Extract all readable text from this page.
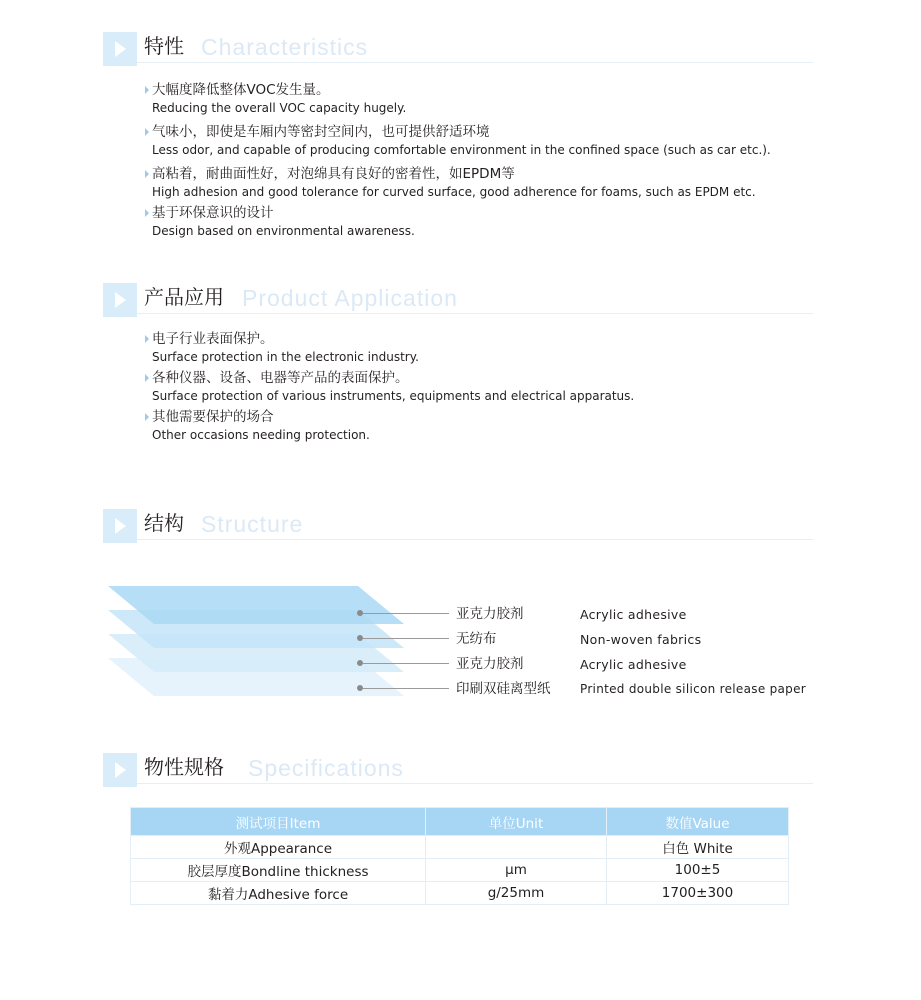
特性 Characteristics
大幅度降低整体VOC发生量。
Reducing the overall VOC capacity hugely.
气味小，即使是车厢内等密封空间内，也可提供舒适环境
Less odor, and capable of producing comfortable environment in the confined space (such as car etc.).
高粘着，耐曲面性好，对泡绵具有良好的密着性，如EPDM等
High adhesion and good tolerance for curved surface, good adherence for foams, such as EPDM etc.
基于环保意识的设计
Design based on environmental awareness.
产品应用 Product Application
电子行业表面保护。
Surface protection in the electronic industry.
各种仪器、设备、电器等产品的表面保护。
Surface protection of various instruments, equipments and electrical apparatus.
其他需要保护的场合
Other occasions needing protection.
结构 Structure
亚克力胶剂	Acrylic adhesive
无纺布	Non-woven fabrics
亚克力胶剂	Acrylic adhesive
印刷双硅离型纸 Printed double silicon release paper
物性规格 Specifications
测试项目Item	单位Unit	数值Value
外观Appearance		白色 White
胶层厚度Bondline thickness	μm	100±5
黏着力Adhesive force	g/25mm	1700±300
